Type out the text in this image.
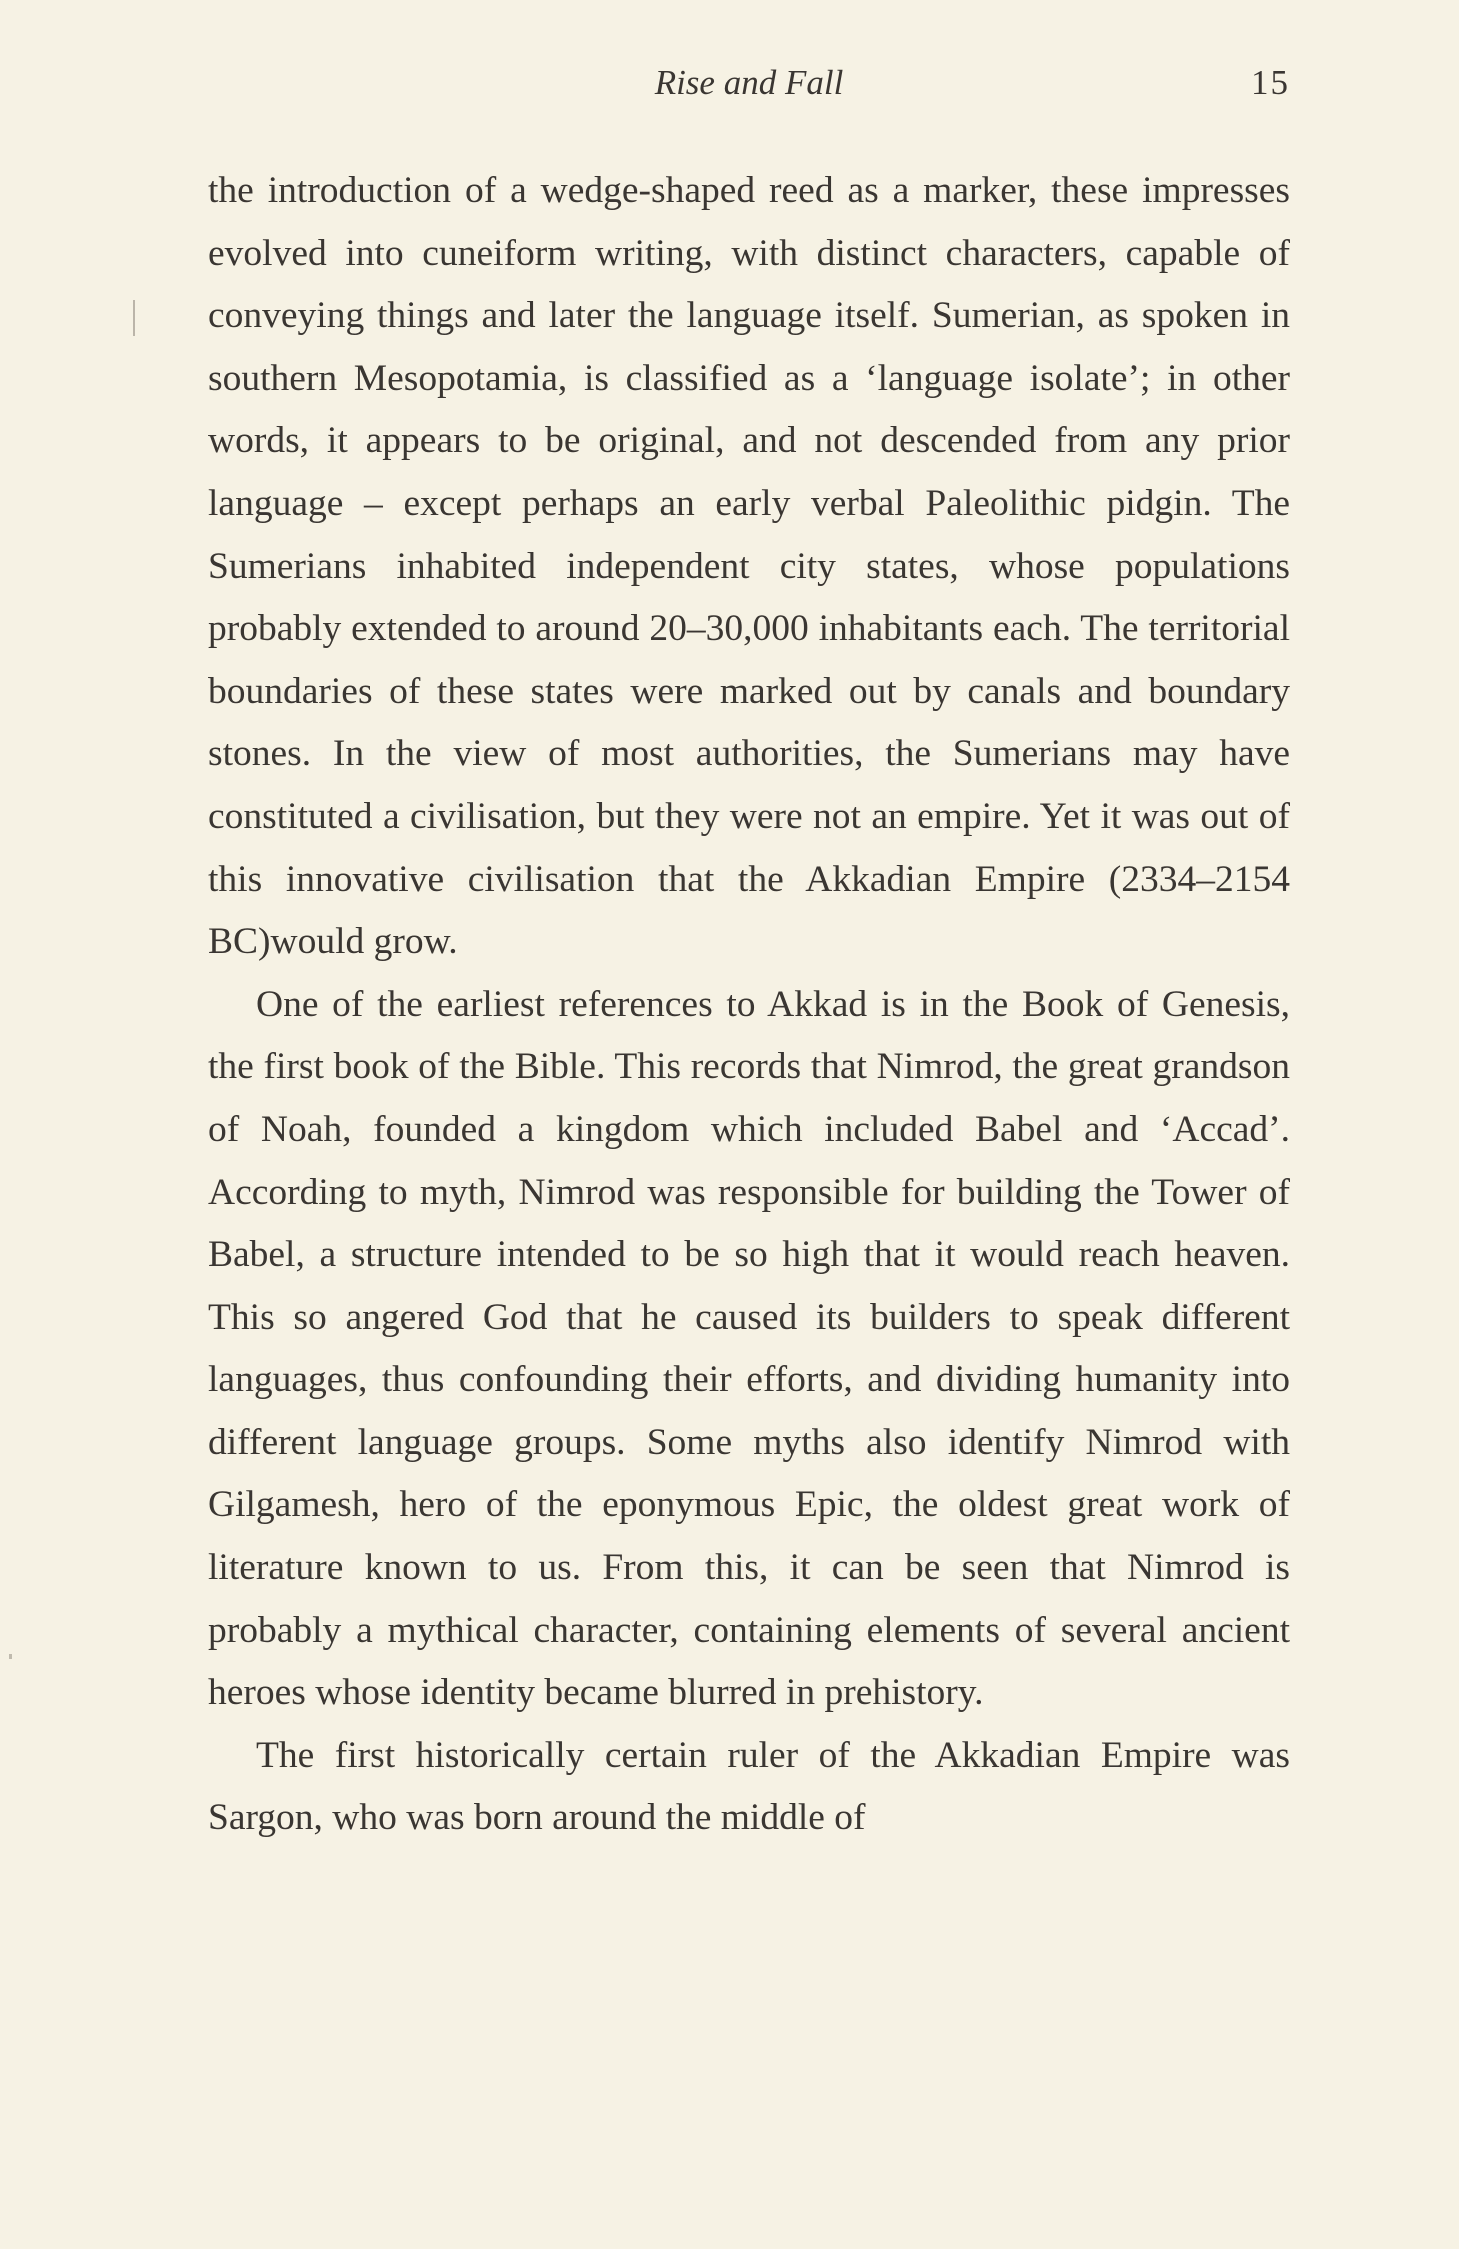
Rise and Fall	15

the introduction of a wedge-shaped reed as a marker, these impresses evolved into cuneiform writing, with distinct characters, capable of conveying things and later the language itself. Sumerian, as spoken in southern Mesopotamia, is classified as a ‘language isolate’; in other words, it appears to be original, and not descended from any prior language – except perhaps an early verbal Paleolithic pidgin. The Sumerians inhabited independent city states, whose populations probably extended to around 20–30,000 inhabitants each. The territorial boundaries of these states were marked out by canals and boundary stones. In the view of most authorities, the Sumerians may have constituted a civilisation, but they were not an empire. Yet it was out of this innovative civilisation that the Akkadian Empire (2334–2154 BC)would grow.

One of the earliest references to Akkad is in the Book of Genesis, the first book of the Bible. This records that Nimrod, the great grandson of Noah, founded a kingdom which included Babel and ‘Accad’. According to myth, Nimrod was responsible for building the Tower of Babel, a structure intended to be so high that it would reach heaven. This so angered God that he caused its builders to speak different languages, thus confounding their efforts, and dividing humanity into different language groups. Some myths also identify Nimrod with Gilgamesh, hero of the eponymous Epic, the oldest great work of literature known to us. From this, it can be seen that Nimrod is probably a mythical character, containing elements of several ancient heroes whose identity became blurred in prehistory.

The first historically certain ruler of the Akkadian Empire was Sargon, who was born around the middle of
